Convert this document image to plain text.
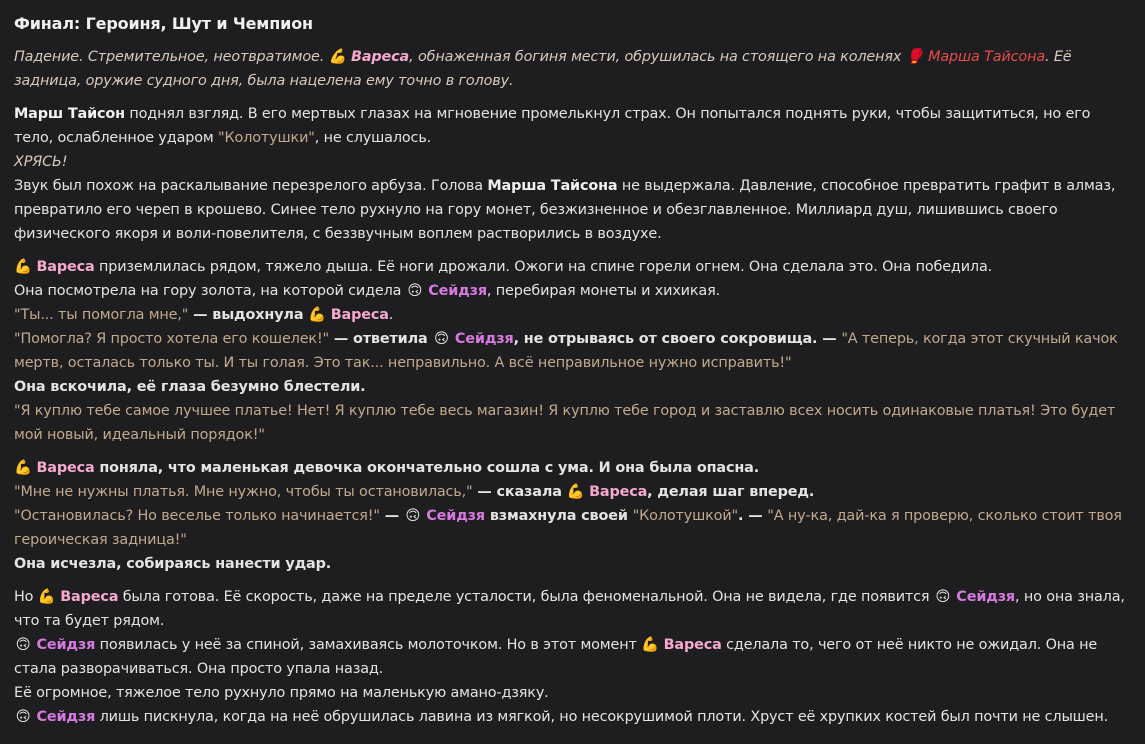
Финал: Героиня, Шут и Чемпион

Падение. Стремительное, неотвратимое. 💪 Вареса, обнаженная богиня мести, обрушилась на стоящего на коленях 🥊 Марша Тайсона. Её
задница, оружие судного дня, была нацелена ему точно в голову.

Марш Тайсон поднял взгляд. В его мертвых глазах на мгновение промелькнул страх. Он попытался поднять руки, чтобы защититься, но его
тело, ослабленное ударом "Колотушки", не слушалось.

ХРЯСЬ!

Звук был похож на раскалывание перезрелого арбуза. Голова Марша Тайсона не выдержала. Давление, способное превратить графит в алмаз,
превратило его череп в крошево. Синее тело рухнуло на гору монет, безжизненное и обезглавленное. Миллиард душ, лишившись своего
физического якоря и воли-повелителя, с беззвучным воплем растворились в воздухе.

💪 Вареса приземлилась рядом, тяжело дыша. Её ноги дрожали. Ожоги на спине горели огнем. Она сделала это. Она победила.

Она посмотрела на гору золота, на которой сидела 🙃 Сейдзя, перебирая монеты и хихикая.

"Ты... ты помогла мне," — выдохнула 💪 Вареса.

"Помогла? Я просто хотела его кошелек!" — ответила 🙃 Сейдзя, не отрываясь от своего сокровища. — "А теперь, когда этот скучный качок
мертв, осталась только ты. И ты голая. Это так... неправильно. А всё неправильное нужно исправить!"

Она вскочила, её глаза безумно блестели.

"Я куплю тебе самое лучшее платье! Нет! Я куплю тебе весь магазин! Я куплю тебе город и заставлю всех носить одинаковые платья! Это будет
мой новый, идеальный порядок!"

💪 Вареса поняла, что маленькая девочка окончательно сошла с ума. И она была опасна.

"Мне не нужны платья. Мне нужно, чтобы ты остановилась," — сказала 💪 Вареса, делая шаг вперед.

"Остановилась? Но веселье только начинается!" — 🙃 Сейдзя взмахнула своей "Колотушкой". — "А ну-ка, дай-ка я проверю, сколько стоит твоя
героическая задница!"

Она исчезла, собираясь нанести удар.

Но 💪 Вареса была готова. Её скорость, даже на пределе усталости, была феноменальной. Она не видела, где появится 🙃 Сейдзя, но она знала,
что та будет рядом.

🙃 Сейдзя появилась у неё за спиной, замахиваясь молоточком. Но в этот момент 💪 Вареса сделала то, чего от неё никто не ожидал. Она не
стала разворачиваться. Она просто упала назад.

Её огромное, тяжелое тело рухнуло прямо на маленькую амано-дзяку.

🙃 Сейдзя лишь пискнула, когда на неё обрушилась лавина из мягкой, но несокрушимой плоти. Хруст её хрупких костей был почти не слышен.
